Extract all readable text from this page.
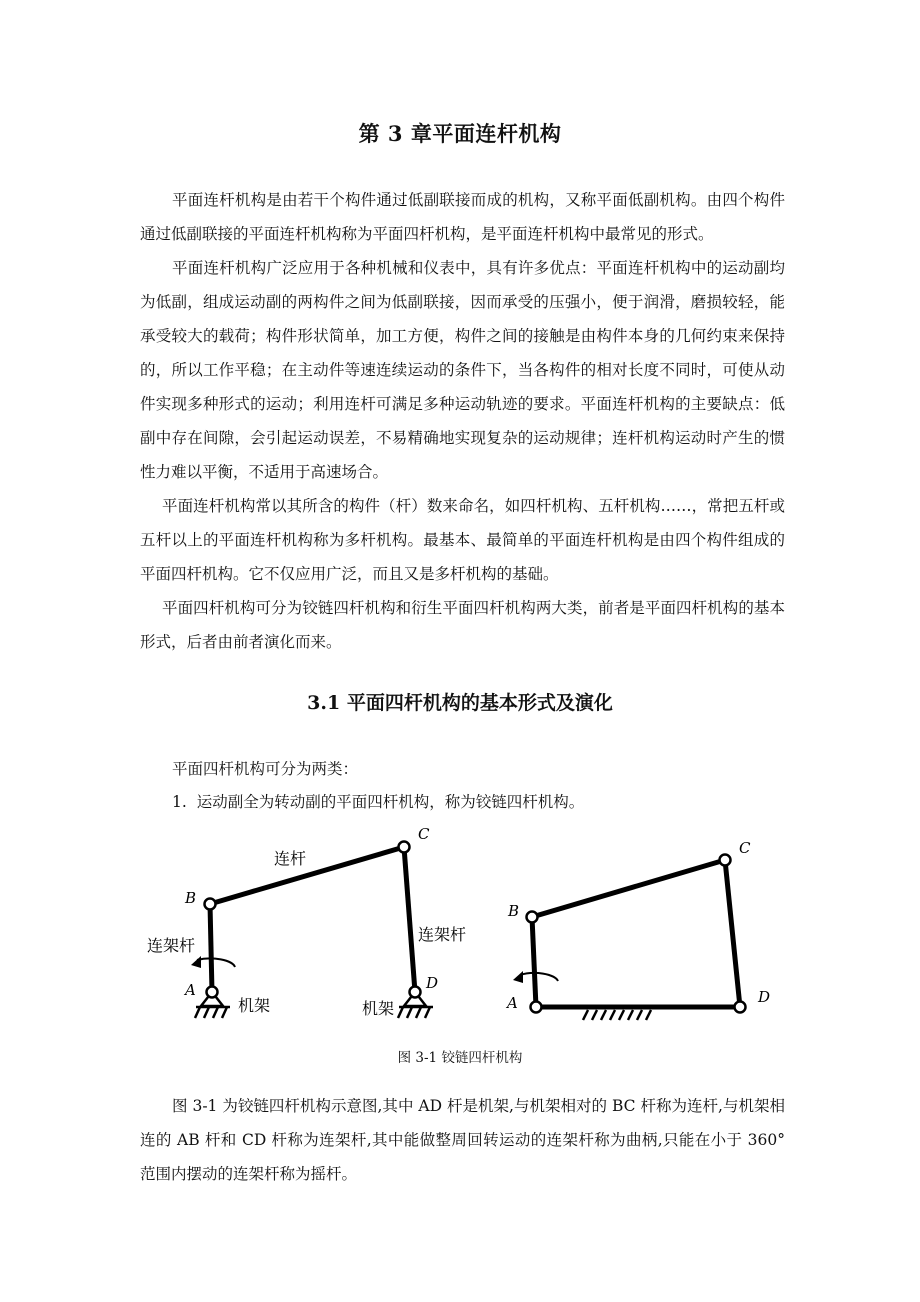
第 3 章平面连杆机构

平面连杆机构是由若干个构件通过低副联接而成的机构，又称平面低副机构。由四个构件通过低副联接的平面连杆机构称为平面四杆机构，是平面连杆机构中最常见的形式。

平面连杆机构广泛应用于各种机械和仪表中，具有许多优点：平面连杆机构中的运动副均为低副，组成运动副的两构件之间为低副联接，因而承受的压强小，便于润滑，磨损较轻，能承受较大的载荷；构件形状简单，加工方便，构件之间的接触是由构件本身的几何约束来保持的，所以工作平稳；在主动件等速连续运动的条件下，当各构件的相对长度不同时，可使从动件实现多种形式的运动；利用连杆可满足多种运动轨迹的要求。平面连杆机构的主要缺点：低副中存在间隙，会引起运动误差，不易精确地实现复杂的运动规律；连杆机构运动时产生的惯性力难以平衡，不适用于高速场合。

平面连杆机构常以其所含的构件（杆）数来命名，如四杆机构、五杆机构……，常把五杆或五杆以上的平面连杆机构称为多杆机构。最基本、最简单的平面连杆机构是由四个构件组成的平面四杆机构。它不仅应用广泛，而且又是多杆机构的基础。

平面四杆机构可分为铰链四杆机构和衍生平面四杆机构两大类，前者是平面四杆机构的基本形式，后者由前者演化而来。

3.1 平面四杆机构的基本形式及演化

平面四杆机构可分为两类：

1. 运动副全为转动副的平面四杆机构，称为铰链四杆机构。

B
C
A	D
连杆
连架杆
连架杆
机架	机架
B
C
A	D

图 3-1 铰链四杆机构

图 3-1 为铰链四杆机构示意图,其中 AD 杆是机架,与机架相对的 BC 杆称为连杆,与机架相连的 AB 杆和 CD 杆称为连架杆,其中能做整周回转运动的连架杆称为曲柄,只能在小于 360° 范围内摆动的连架杆称为摇杆。
